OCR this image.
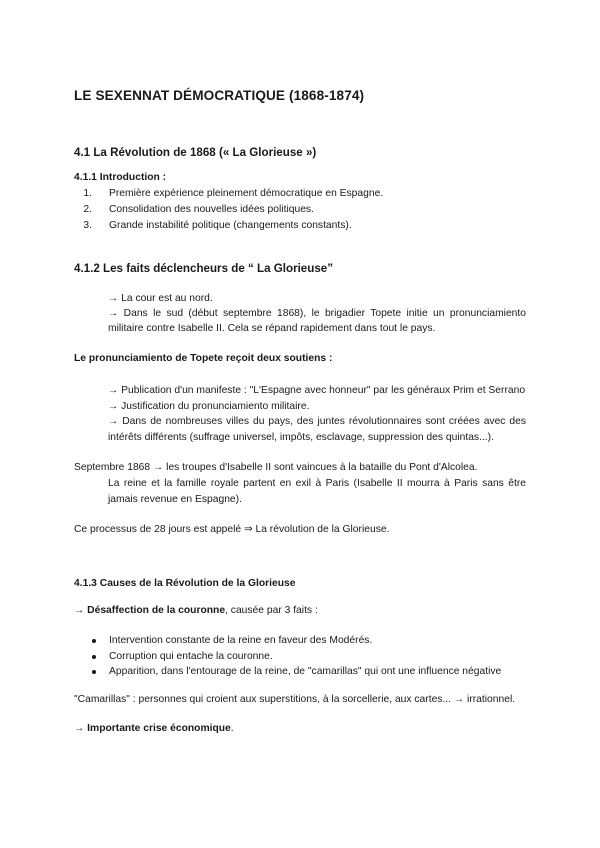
LE SEXENNAT DÉMOCRATIQUE (1868-1874)
4.1 La Révolution de 1868 (« La Glorieuse »)
4.1.1 Introduction :
1. Première expérience pleinement démocratique en Espagne.
2. Consolidation des nouvelles idées politiques.
3. Grande instabilité politique (changements constants).
4.1.2 Les faits déclencheurs de “ La Glorieuse”
→ La cour est au nord.
→ Dans le sud (début septembre 1868), le brigadier Topete initie un pronunciamiento
militaire contre Isabelle II. Cela se répand rapidement dans tout le pays.
Le pronunciamiento de Topete reçoit deux soutiens :
→ Publication d'un manifeste : "L'Espagne avec honneur" par les généraux Prim et Serrano
→ Justification du pronunciamiento militaire.
→ Dans de nombreuses villes du pays, des juntes révolutionnaires sont créées avec des
intérêts différents (suffrage universel, impôts, esclavage, suppression des quintas...).
Septembre 1868 → les troupes d'Isabelle II sont vaincues à la bataille du Pont d'Alcolea.
La reine et la famille royale partent en exil à Paris (Isabelle II mourra à Paris sans être
jamais revenue en Espagne).
Ce processus de 28 jours est appelé ⇒ La révolution de la Glorieuse.
4.1.3 Causes de la Révolution de la Glorieuse
→ Désaffection de la couronne, causée par 3 faits :
Intervention constante de la reine en faveur des Modérés.
Corruption qui entache la couronne.
Apparition, dans l'entourage de la reine, de "camarillas" qui ont une influence négative
"Camarillas" : personnes qui croient aux superstitions, à la sorcellerie, aux cartes... → irrationnel.
→ Importante crise économique.
